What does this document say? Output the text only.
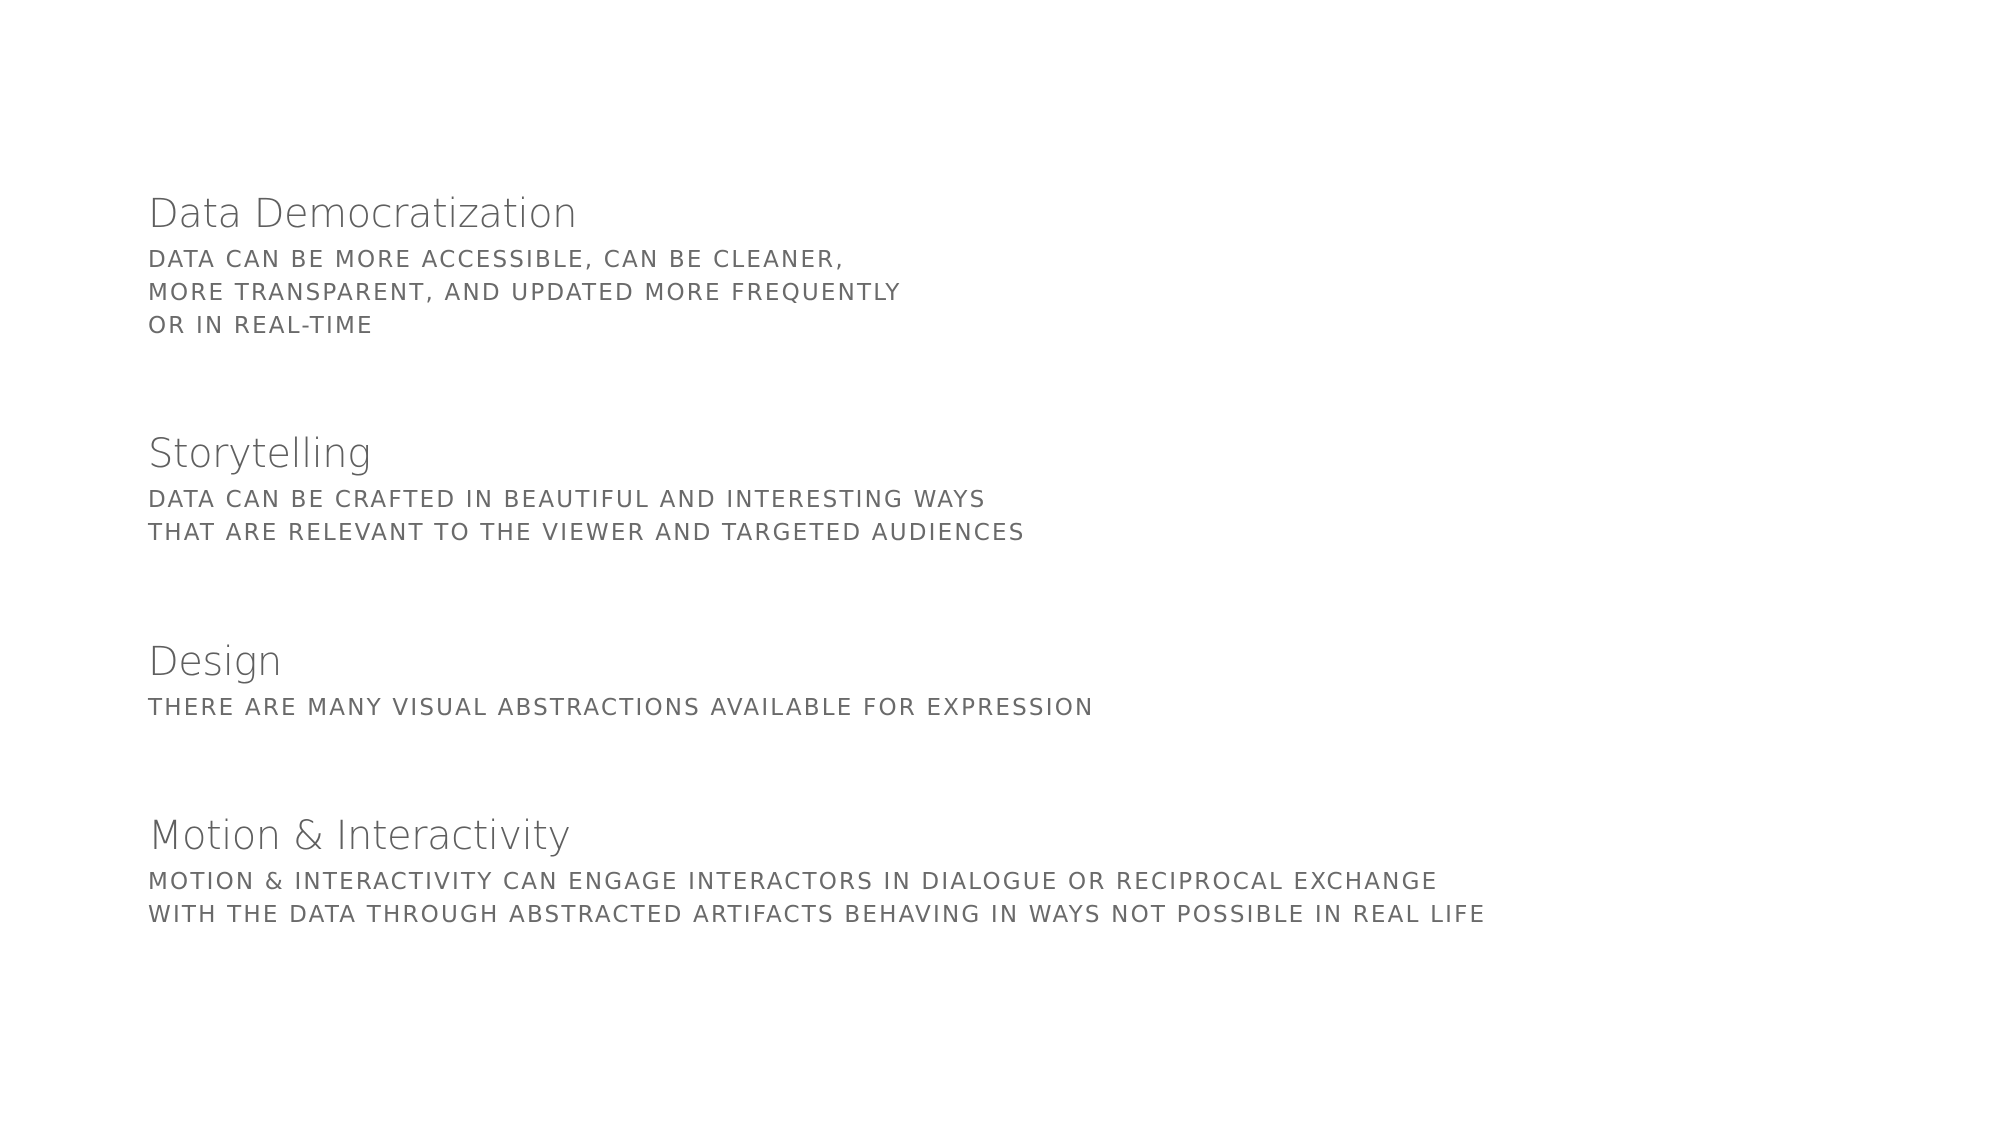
Data Democratization

DATA CAN BE MORE ACCESSIBLE, CAN BE CLEANER,

MORE TRANSPARENT, AND UPDATED MORE FREQUENTLY

OR IN REAL-TIME

Storytelling

DATA CAN BE CRAFTED IN BEAUTIFUL AND INTERESTING WAYS

THAT ARE RELEVANT TO THE VIEWER AND TARGETED AUDIENCES

Design

THERE ARE MANY VISUAL ABSTRACTIONS AVAILABLE FOR EXPRESSION

Motion & Interactivity

MOTION & INTERACTIVITY CAN ENGAGE INTERACTORS IN DIALOGUE OR RECIPROCAL EXCHANGE

WITH THE DATA THROUGH ABSTRACTED ARTIFACTS BEHAVING IN WAYS NOT POSSIBLE IN REAL LIFE
